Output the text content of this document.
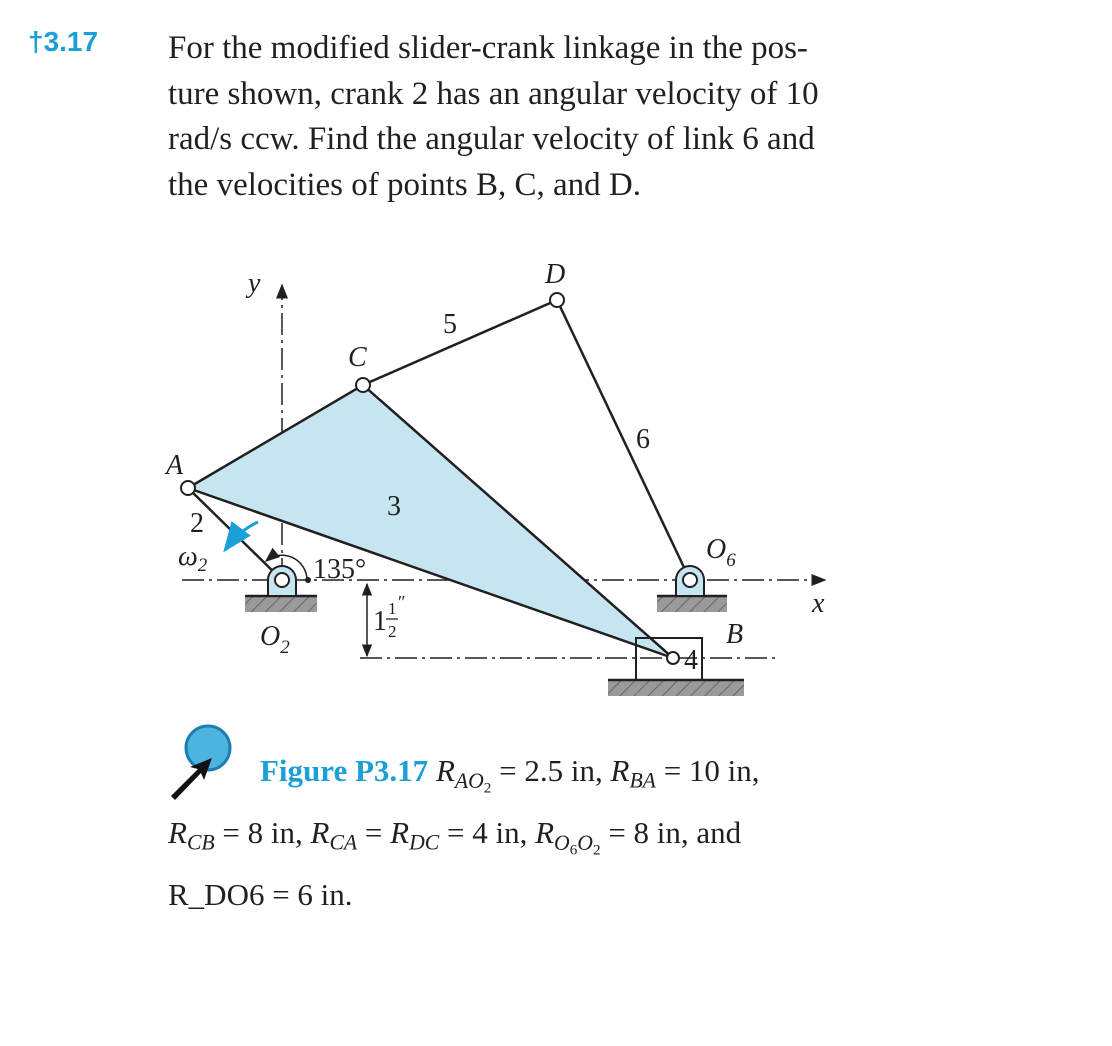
†3.17 For the modified slider-crank linkage in the pos-
ture shown, crank 2 has an angular velocity of 10
rad/s ccw. Find the angular velocity of link 6 and
the velocities of points B, C, and D.
y
x
A
C
D
B
$O_2$
$O_6$
$\omega_2$
2
3
4
5
6
135°
1 1
2
″
Figure P3.17 $R_{AO_2} = 2.5$ in, $R_{BA} = 10$ in,
$R_{CB} = 8$ in, $R_{CA} = R_{DC} = 4$ in, $R_{O_6O_2} = 8$ in, and
R_DO6 = 6 in.
